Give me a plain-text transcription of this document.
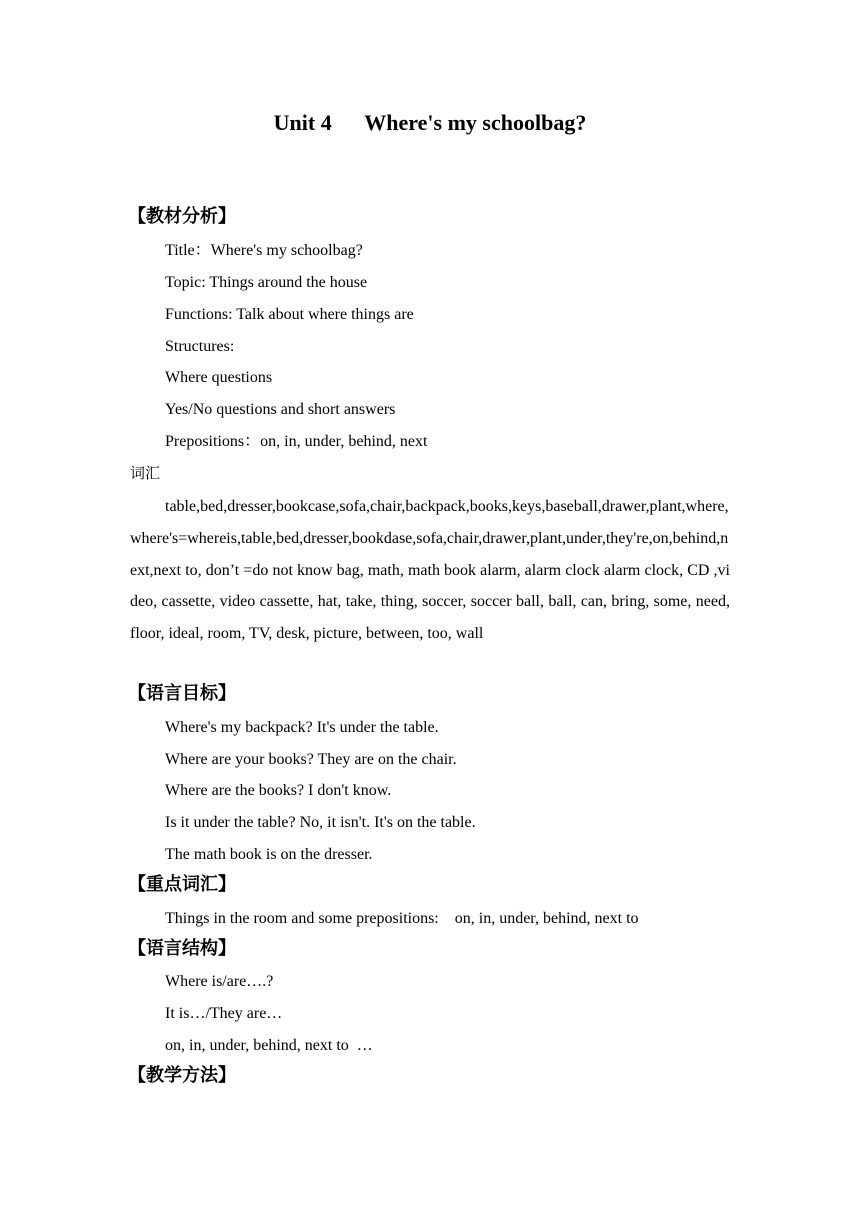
Unit 4      Where's my schoolbag?
【教材分析】
Title：Where's my schoolbag?
Topic: Things around the house
Functions: Talk about where things are
Structures:
Where questions
Yes/No questions and short answers
Prepositions：on, in, under, behind, next
词汇
table,bed,dresser,bookcase,sofa,chair,backpack,books,keys,baseball,drawer,plant,where,where's=whereis,table,bed,dresser,bookdase,sofa,chair,drawer,plant,under,they're,on,behind,next,next to, don’t =do not know bag, math, math book alarm, alarm clock alarm clock, CD ,video, cassette, video cassette, hat, take, thing, soccer, soccer ball, ball, can, bring, some, need, floor, ideal, room, TV, desk, picture, between, too, wall
【语言目标】
Where's my backpack? It's under the table.
Where are your books? They are on the chair.
Where are the books? I don't know.
Is it under the table? No, it isn't. It's on the table.
The math book is on the dresser.
【重点词汇】
Things in the room and some prepositions:    on, in, under, behind, next to
【语言结构】
Where is/are….?
It is…/They are…
on, in, under, behind, next to  …
【教学方法】
